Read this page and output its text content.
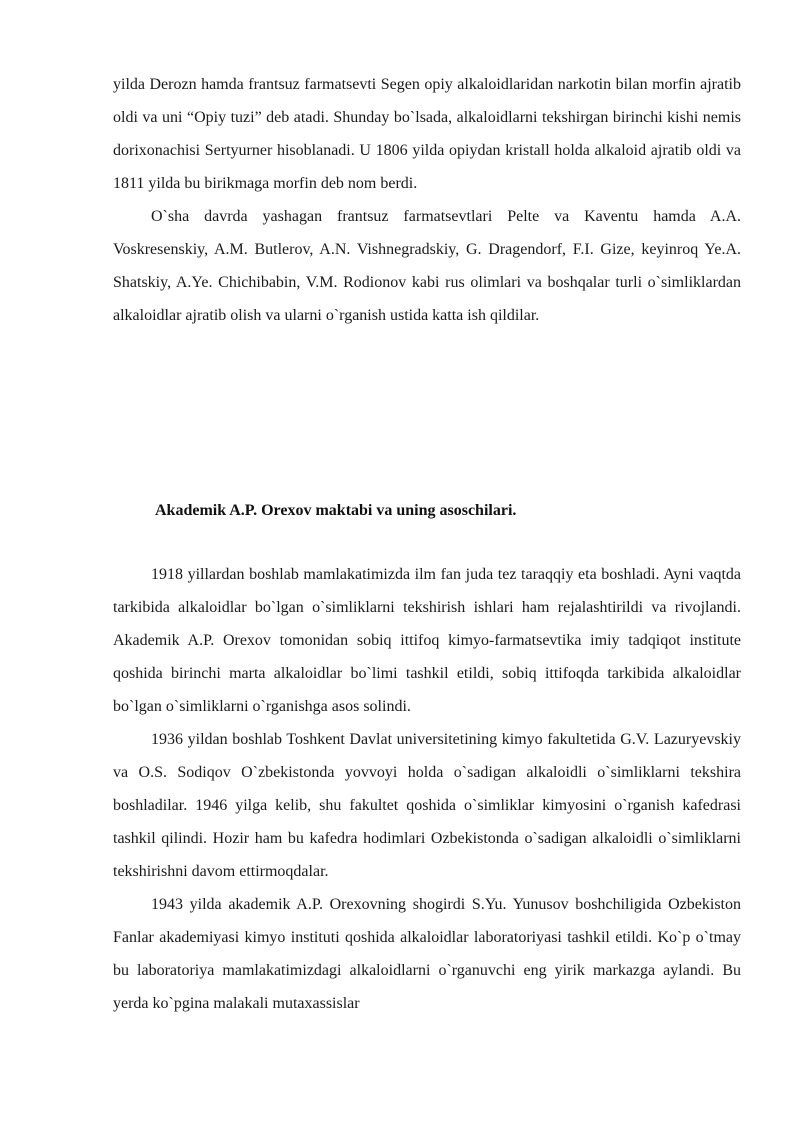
yilda Derozn hamda frantsuz farmatsevti Segen opiy alkaloidlaridan narkotin bilan morfin ajratib oldi va uni “Opiy tuzi” deb atadi. Shunday bo`lsada, alkaloidlarni tekshirgan birinchi kishi nemis dorixonachisi Sertyurner hisoblanadi. U 1806 yilda opiydan kristall holda alkaloid ajratib oldi va 1811 yilda bu birikmaga morfin deb nom berdi.

O`sha davrda yashagan frantsuz farmatsevtlari Pelte va Kaventu hamda A.A. Voskresenskiy, A.M. Butlerov, A.N. Vishnegradskiy, G. Dragendorf, F.I. Gize, keyinroq Ye.A. Shatskiy, A.Ye. Chichibabin, V.M. Rodionov kabi rus olimlari va boshqalar turli o`simliklardan alkaloidlar ajratib olish va ularni o`rganish ustida katta ish qildilar.

Akademik A.P. Orexov maktabi va uning asoschilari.

1918 yillardan boshlab mamlakatimizda ilm fan juda tez taraqqiy eta boshladi. Ayni vaqtda tarkibida alkaloidlar bo`lgan o`simliklarni tekshirish ishlari ham rejalashtirildi va rivojlandi. Akademik A.P. Orexov tomonidan sobiq ittifoq kimyo-farmatsevtika imiy tadqiqot institute qoshida birinchi marta alkaloidlar bo`limi tashkil etildi, sobiq ittifoqda tarkibida alkaloidlar bo`lgan o`simliklarni o`rganishga asos solindi.

1936 yildan boshlab Toshkent Davlat universitetining kimyo fakultetida G.V. Lazuryevskiy va O.S. Sodiqov O`zbekistonda yovvoyi holda o`sadigan alkaloidli o`simliklarni tekshira boshladilar. 1946 yilga kelib, shu fakultet qoshida o`simliklar kimyosini o`rganish kafedrasi tashkil qilindi. Hozir ham bu kafedra hodimlari Ozbekistonda o`sadigan alkaloidli o`simliklarni tekshirishni davom ettirmoqdalar.

1943 yilda akademik A.P. Orexovning shogirdi S.Yu. Yunusov boshchiligida Ozbekiston Fanlar akademiyasi kimyo instituti qoshida alkaloidlar laboratoriyasi tashkil etildi. Ko`p o`tmay bu laboratoriya mamlakatimizdagi alkaloidlarni o`rganuvchi eng yirik markazga aylandi. Bu yerda ko`pgina malakali mutaxassislar
